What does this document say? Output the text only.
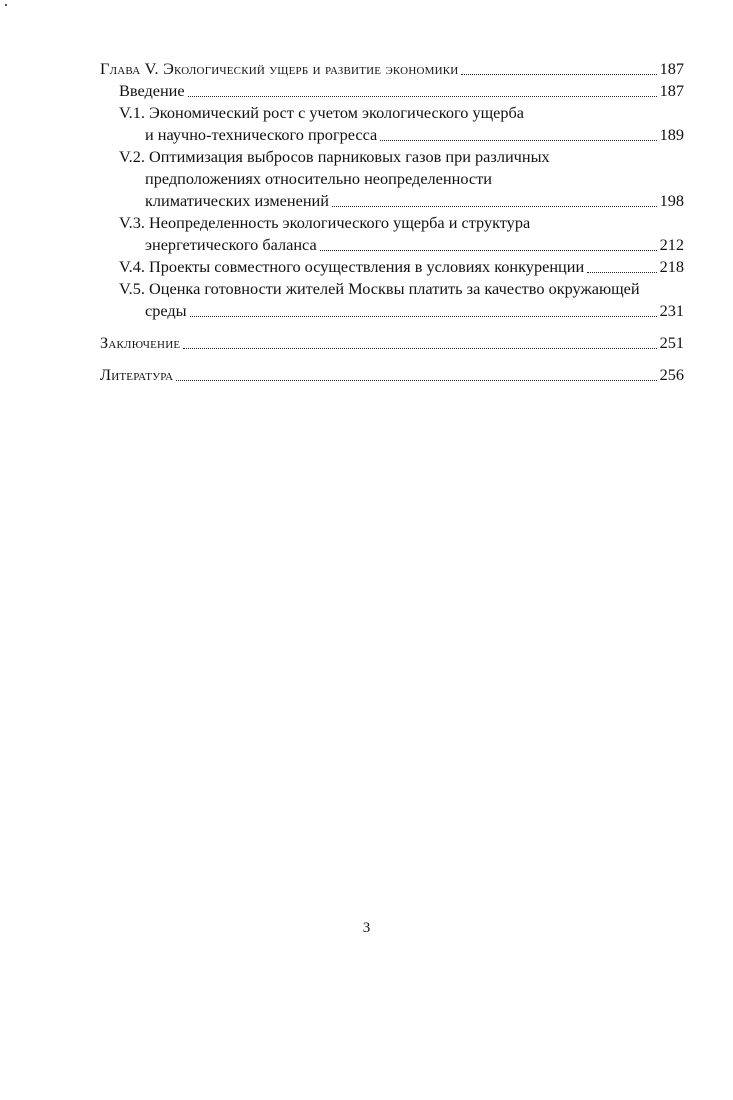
Глава V. Экологический ущерб и развитие экономики	187
Введение	187
V.1. Экономический рост с учетом экологического ущерба
и научно-технического прогресса	189
V.2. Оптимизация выбросов парниковых газов при различных
предположениях относительно неопределенности
климатических изменений	198
V.3. Неопределенность экологического ущерба и структура
энергетического баланса	212
V.4. Проекты совместного осуществления в условиях конкуренции	218
V.5. Оценка готовности жителей Москвы платить за качество окружающей
среды	231
Заключение	251
Литература	256
3
